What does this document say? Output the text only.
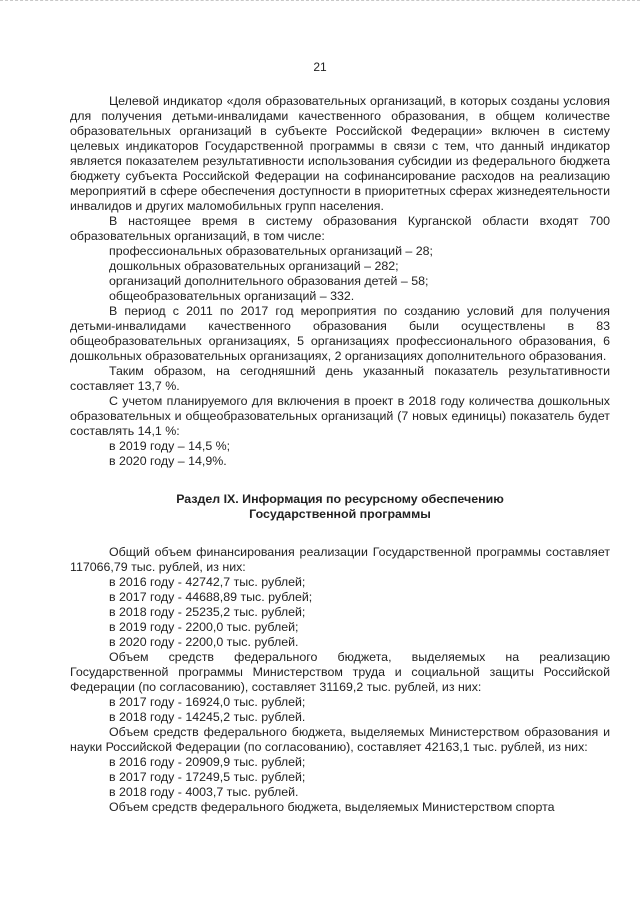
21

Целевой индикатор «доля образовательных организаций, в которых созданы условия для получения детьми-инвалидами качественного образования, в общем количестве образовательных организаций в субъекте Российской Федерации» включен в систему целевых индикаторов Государственной программы в связи с тем, что данный индикатор является показателем результативности использования субсидии из федерального бюджета бюджету субъекта Российской Федерации на софинансирование расходов на реализацию мероприятий в сфере обеспечения доступности в приоритетных сферах жизнедеятельности инвалидов и других маломобильных групп населения.

В настоящее время в систему образования Курганской области входят 700 образовательных организаций, в том числе:

профессиональных образовательных организаций – 28;

дошкольных образовательных организаций – 282;

организаций дополнительного образования детей – 58;

общеобразовательных организаций – 332.

В период с 2011 по 2017 год мероприятия по созданию условий для получения детьми-инвалидами качественного образования были осуществлены в 83 общеобразовательных организациях, 5 организациях профессионального образования, 6 дошкольных образовательных организациях, 2 организациях дополнительного образования.

Таким образом, на сегодняшний день указанный показатель результативности составляет 13,7 %.

С учетом планируемого для включения в проект в 2018 году количества дошкольных образовательных и общеобразовательных организаций (7 новых единицы) показатель будет составлять 14,1 %:

в 2019 году – 14,5 %;

в 2020 году – 14,9%.

Раздел IX. Информация по ресурсному обеспечению
Государственной программы

Общий объем финансирования реализации Государственной программы составляет 117066,79 тыс. рублей, из них:

в 2016 году - 42742,7 тыс. рублей;

в 2017 году - 44688,89 тыс. рублей;

в 2018 году - 25235,2 тыс. рублей;

в 2019 году - 2200,0 тыс. рублей;

в 2020 году - 2200,0 тыс. рублей.

Объем средств федерального бюджета, выделяемых на реализацию Государственной программы Министерством труда и социальной защиты Российской Федерации (по согласованию), составляет 31169,2 тыс. рублей, из них:

в 2017 году - 16924,0 тыс. рублей;

в 2018 году - 14245,2 тыс. рублей.

Объем средств федерального бюджета, выделяемых Министерством образования и науки Российской Федерации (по согласованию), составляет 42163,1 тыс. рублей, из них:

в 2016 году - 20909,9 тыс. рублей;

в 2017 году - 17249,5 тыс. рублей;

в 2018 году - 4003,7 тыс. рублей.

Объем средств федерального бюджета, выделяемых Министерством спорта
